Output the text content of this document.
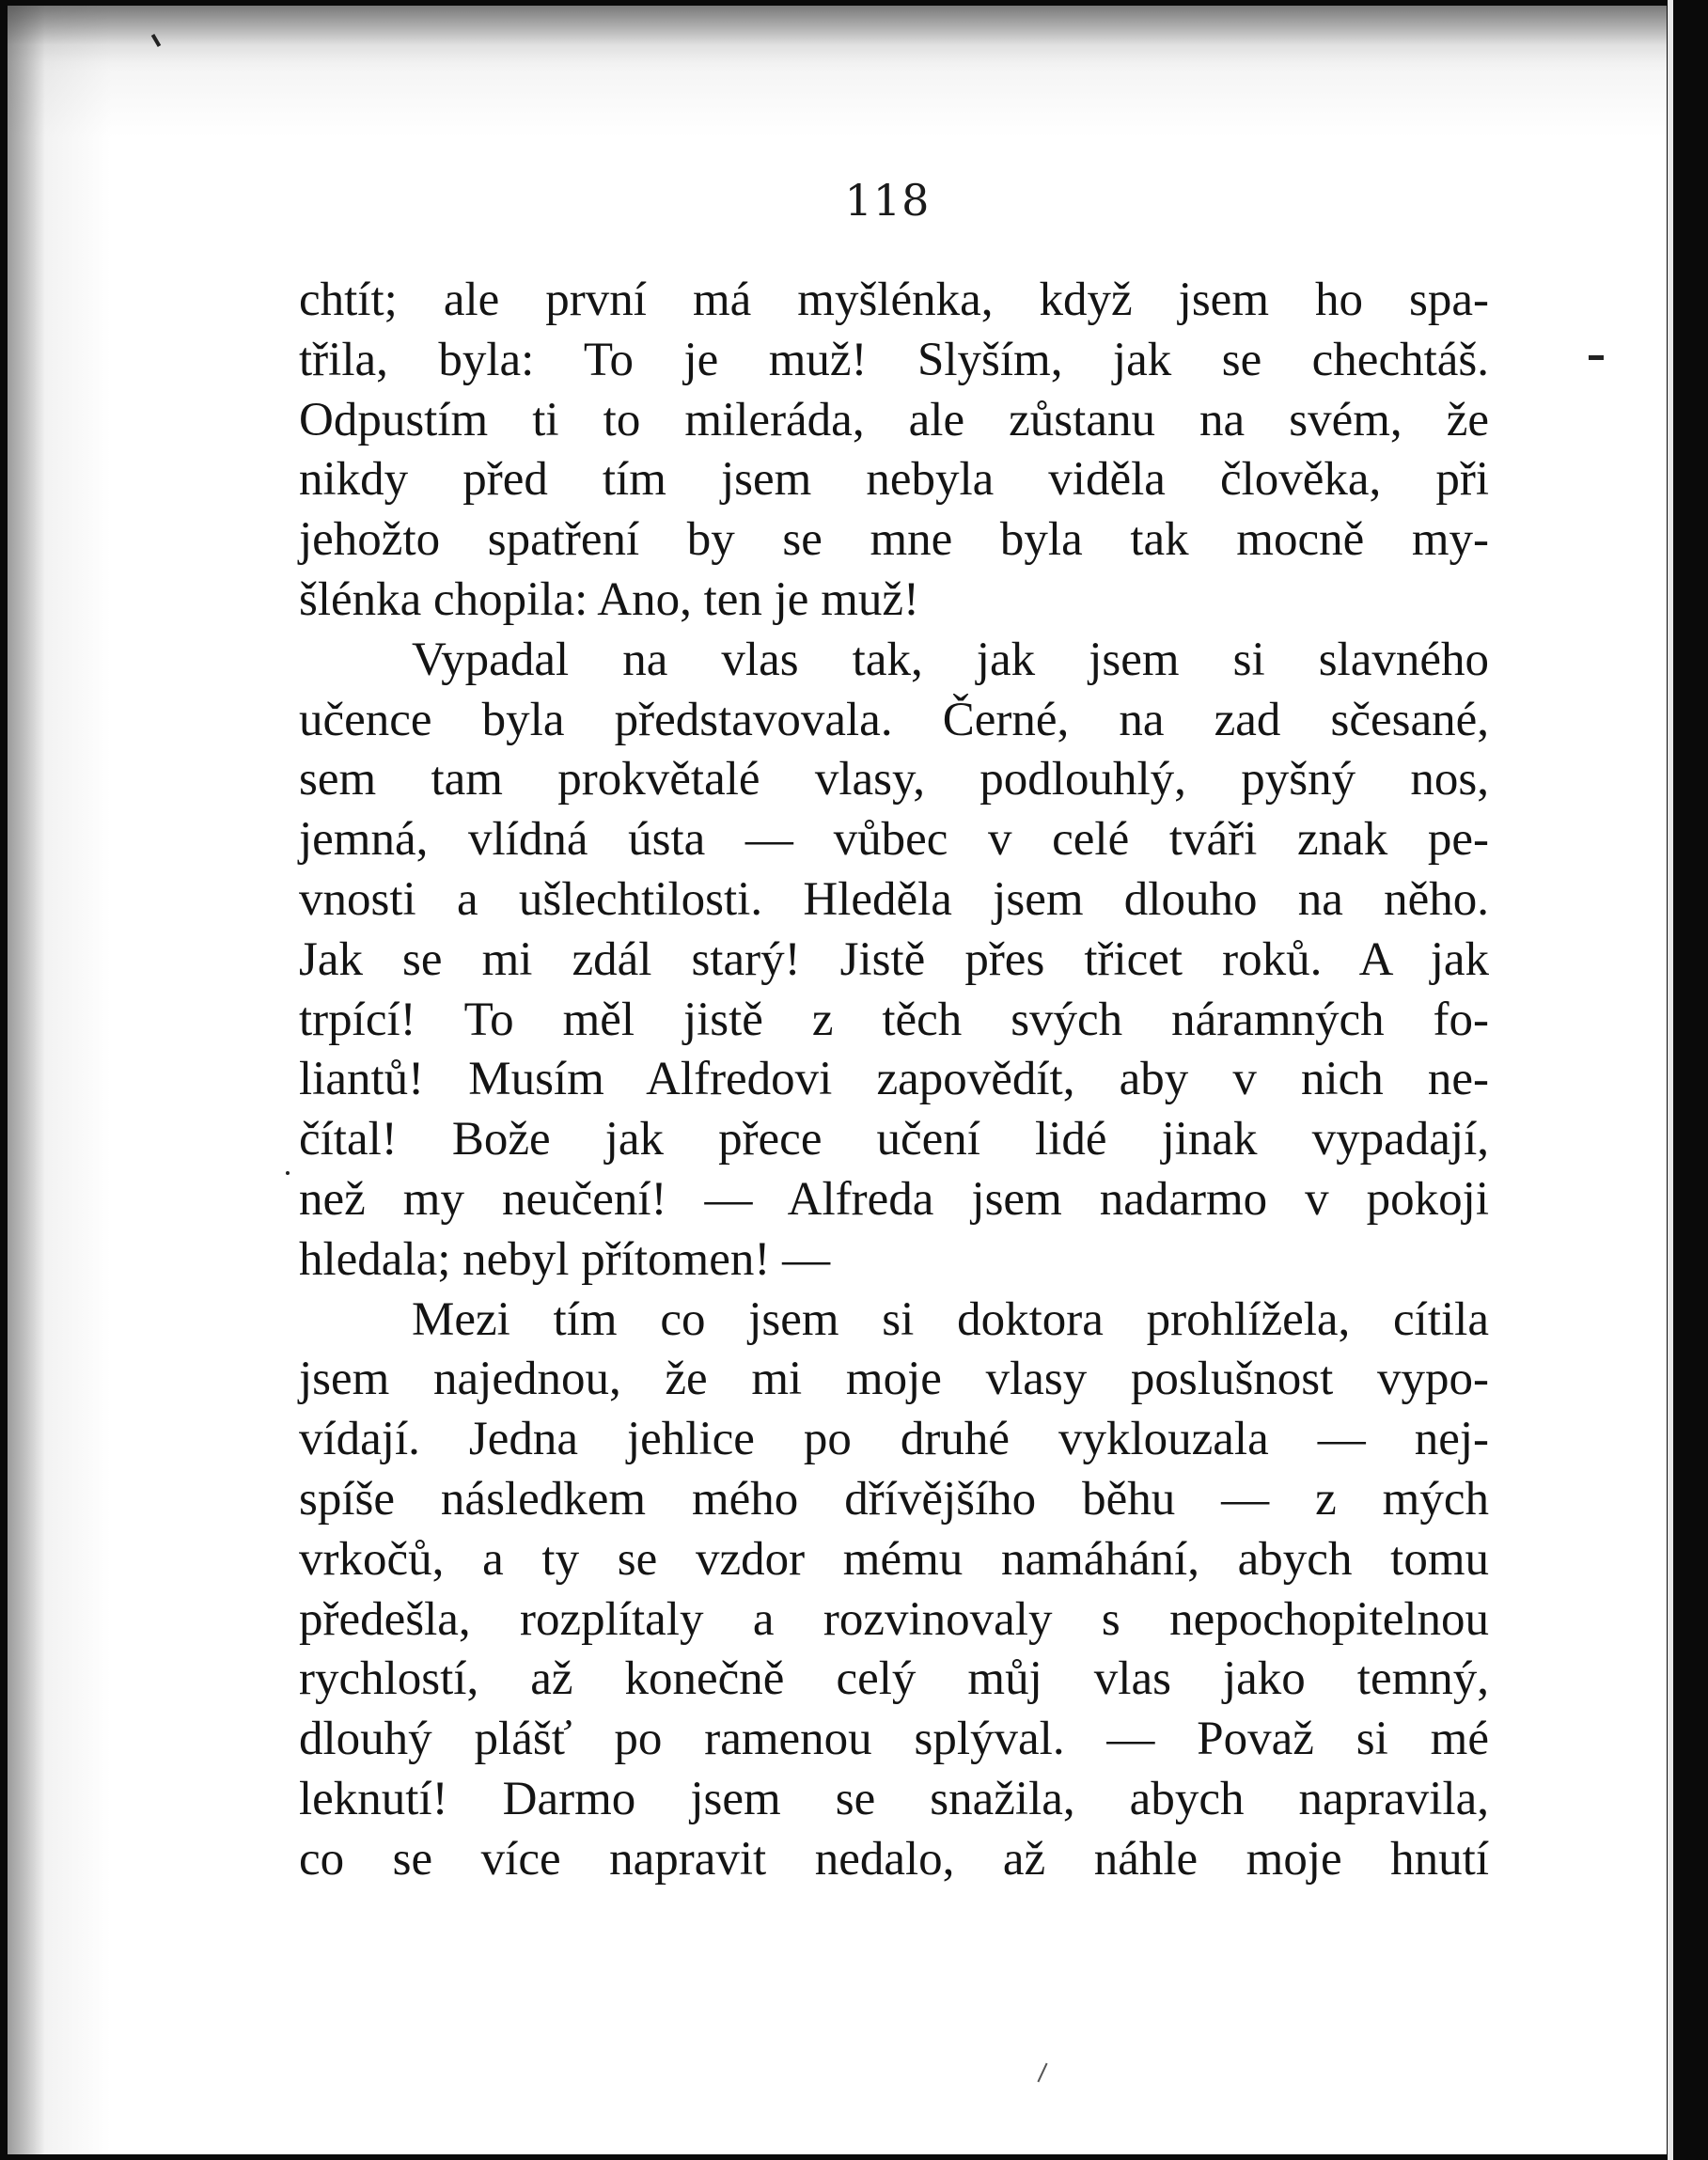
118
chtít; ale první má myšlénka, když jsem ho spa-
třila, byla: To je muž! Slyším, jak se chechtáš.
Odpustím ti to mileráda, ale zůstanu na svém, že
nikdy před tím jsem nebyla viděla člověka, při
jehožto spatření by se mne byla tak mocně my-
šlénka chopila: Ano, ten je muž!
Vypadal na vlas tak, jak jsem si slavného
učence byla představovala. Černé, na zad sčesané,
sem tam prokvětalé vlasy, podlouhlý, pyšný nos,
jemná, vlídná ústa — vůbec v celé tváři znak pe-
vnosti a ušlechtilosti. Hleděla jsem dlouho na něho.
Jak se mi zdál starý! Jistě přes třicet roků. A jak
trpící! To měl jistě z těch svých náramných fo-
liantů! Musím Alfredovi zapovědít, aby v nich ne-
čítal! Bože jak přece učení lidé jinak vypadají,
než my neučení! — Alfreda jsem nadarmo v pokoji
hledala; nebyl přítomen! —
Mezi tím co jsem si doktora prohlížela, cítila
jsem najednou, že mi moje vlasy poslušnost vypo-
vídají. Jedna jehlice po druhé vyklouzala — nej-
spíše následkem mého dřívějšího běhu — z mých
vrkočů, a ty se vzdor mému namáhání, abych tomu
předešla, rozplítaly a rozvinovaly s nepochopitelnou
rychlostí, až konečně celý můj vlas jako temný,
dlouhý plášť po ramenou splýval. — Považ si mé
leknutí! Darmo jsem se snažila, abych napravila,
co se více napravit nedalo, až náhle moje hnutí
